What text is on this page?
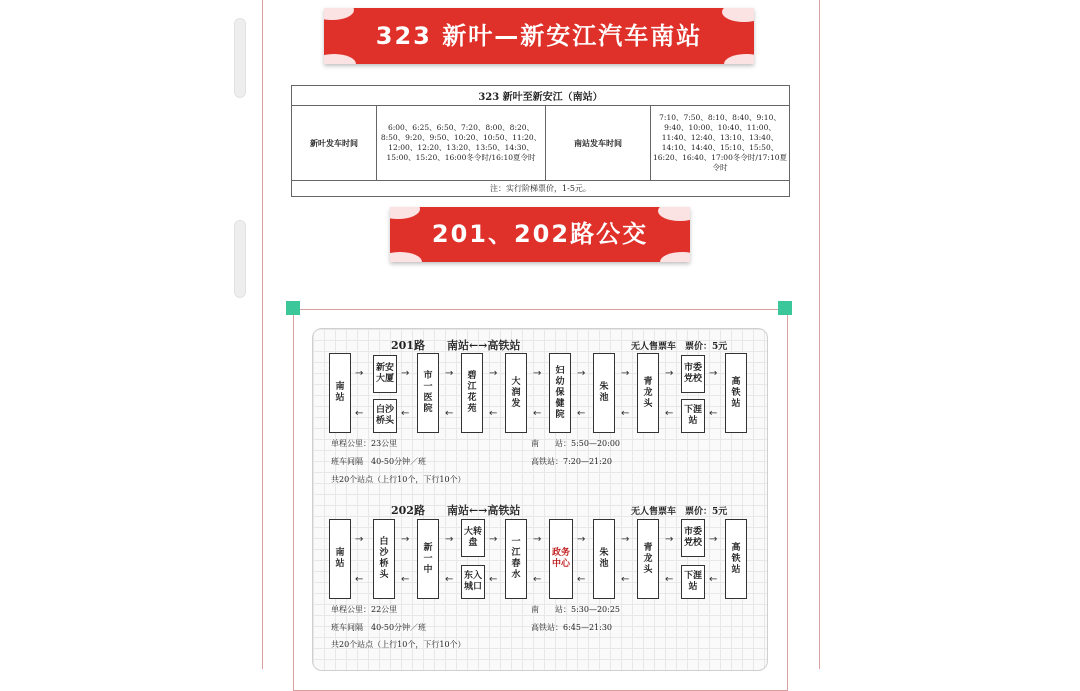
323 新叶—新安江汽车南站
323 新叶至新安江（南站）
新叶发车时间	6:00、6:25、6:50、7:20、8:00、8:20、8:50、9:20、9:50、10:20、10:50、11:20、12:00、12:20、13:20、13:50、14:30、15:00、15:20、16:00冬令时/16:10夏令时	南站发车时间	7:10、7:50、8:10、8:40、9:10、9:40、10:00、10:40、11:00、11:40、12:40、13:10、13:40、14:10、14:40、15:10、15:50、16:20、16:40、17:00冬令时/17:10夏令时
注：实行阶梯票价，1-5元。
201、202路公交
201路　　南站←→高铁站	无人售票车　票价：5元
南站
新安大厦
白沙桥头
市一医院
碧江花苑
大润发
妇幼保健院
朱池
青龙头
市委党校
下涯站
高铁站
→
←
→
←
→
←
→
←
→
←
→
←
→
←
→
←
→
←
单程公里：23公里	南　　站：5:50—20:00
班车间隔　40-50分钟／班	高铁站：7:20—21:20
共20个站点（上行10个，下行10个）
202路　　南站←→高铁站	无人售票车　票价：5元
南站
白沙桥头
新一中
大转盘
东入城口
一江春水
政务中心
朱池
青龙头
市委党校
下涯站
高铁站
→
←
→
←
→
←
→
←
→
←
→
←
→
←
→
←
→
←
单程公里：22公里	南　　站：5:30—20:25
班车间隔　40-50分钟／班	高铁站：6:45—21:30
共20个站点（上行10个，下行10个）
